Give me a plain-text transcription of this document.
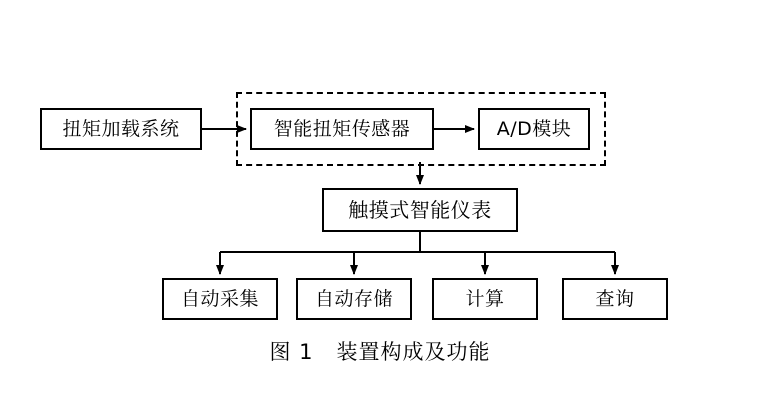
扭矩加载系统	智能扭矩传感器	A/D模块
触摸式智能仪表
自动采集	自动存储	计算	查询
图 1   装置构成及功能
